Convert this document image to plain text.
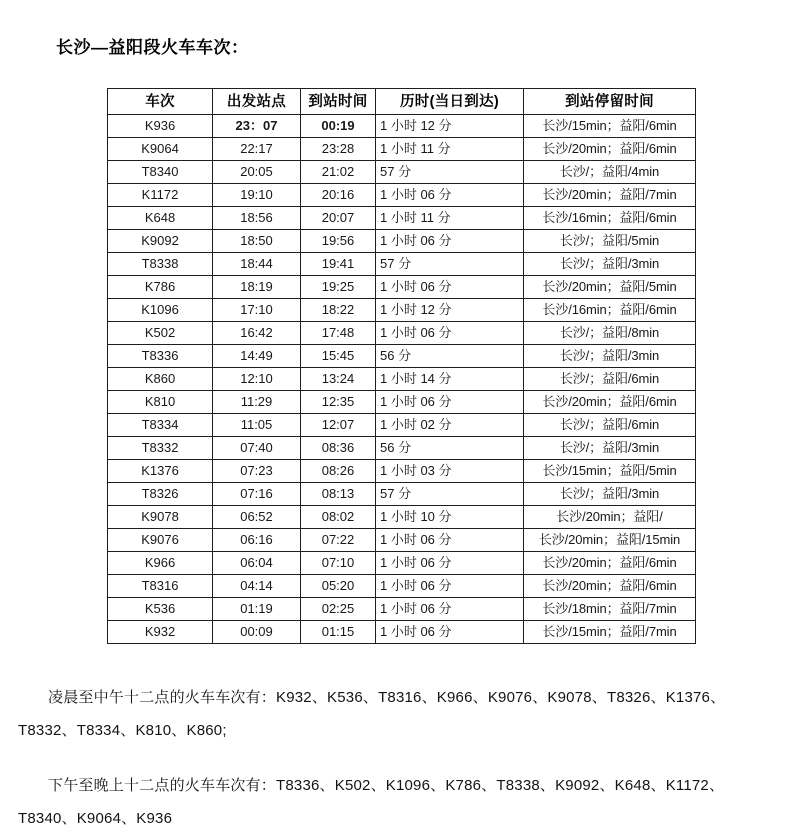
长沙—益阳段火车车次：
车次	出发站点	到站时间	历时(当日到达)	到站停留时间
K936	23：07	00:19	1 小时 12 分	长沙/15min；益阳/6min
K9064	22:17	23:28	1 小时 11 分	长沙/20min；益阳/6min
T8340	20:05	21:02	57 分	长沙/；益阳/4min
K1172	19:10	20:16	1 小时 06 分	长沙/20min；益阳/7min
K648	18:56	20:07	1 小时 11 分	长沙/16min；益阳/6min
K9092	18:50	19:56	1 小时 06 分	长沙/；益阳/5min
T8338	18:44	19:41	57 分	长沙/；益阳/3min
K786	18:19	19:25	1 小时 06 分	长沙/20min；益阳/5min
K1096	17:10	18:22	1 小时 12 分	长沙/16min；益阳/6min
K502	16:42	17:48	1 小时 06 分	长沙/；益阳/8min
T8336	14:49	15:45	56 分	长沙/；益阳/3min
K860	12:10	13:24	1 小时 14 分	长沙/；益阳/6min
K810	11:29	12:35	1 小时 06 分	长沙/20min；益阳/6min
T8334	11:05	12:07	1 小时 02 分	长沙/；益阳/6min
T8332	07:40	08:36	56 分	长沙/；益阳/3min
K1376	07:23	08:26	1 小时 03 分	长沙/15min；益阳/5min
T8326	07:16	08:13	57 分	长沙/；益阳/3min
K9078	06:52	08:02	1 小时 10 分	长沙/20min；益阳/
K9076	06:16	07:22	1 小时 06 分	长沙/20min；益阳/15min
K966	06:04	07:10	1 小时 06 分	长沙/20min；益阳/6min
T8316	04:14	05:20	1 小时 06 分	长沙/20min；益阳/6min
K536	01:19	02:25	1 小时 06 分	长沙/18min；益阳/7min
K932	00:09	01:15	1 小时 06 分	长沙/15min；益阳/7min

凌晨至中午十二点的火车车次有：K932、K536、T8316、K966、K9076、K9078、T8326、K1376、T8332、T8334、K810、K860;

下午至晚上十二点的火车车次有：T8336、K502、K1096、K786、T8338、K9092、K648、K1172、T8340、K9064、K936
